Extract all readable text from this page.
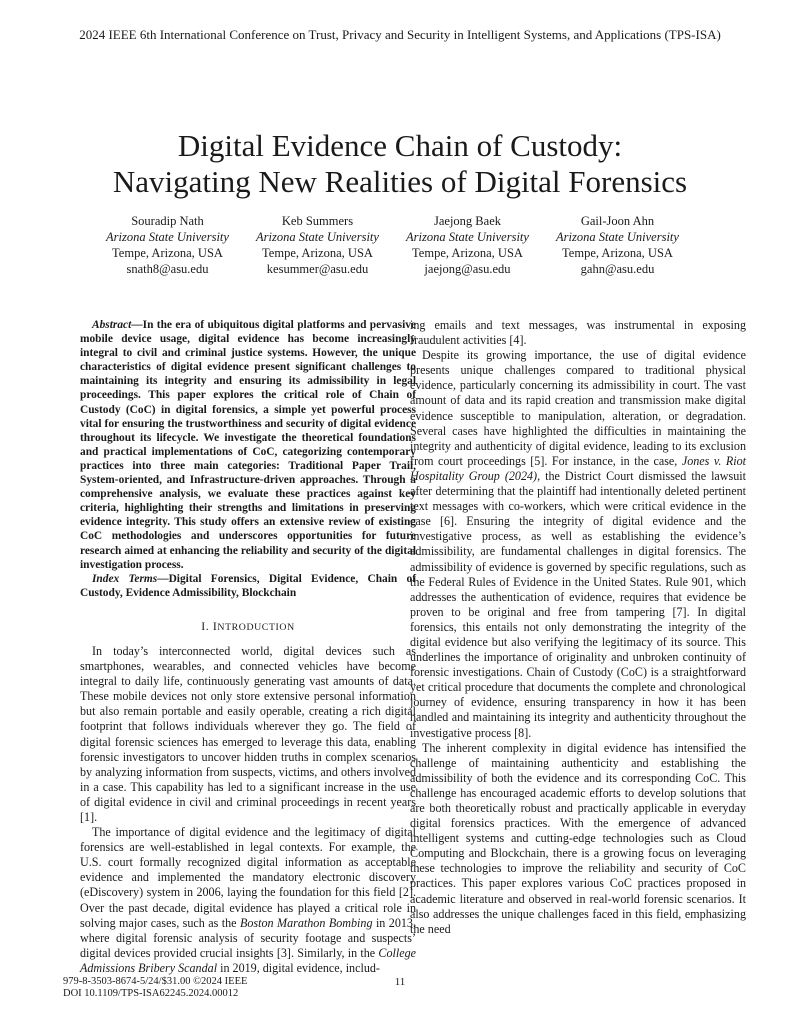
2024 IEEE 6th International Conference on Trust, Privacy and Security in Intelligent Systems, and Applications (TPS-ISA)
Digital Evidence Chain of Custody:
Navigating New Realities of Digital Forensics
Souradip Nath
Arizona State University
Tempe, Arizona, USA
snath8@asu.edu
Keb Summers
Arizona State University
Tempe, Arizona, USA
kesummer@asu.edu
Jaejong Baek
Arizona State University
Tempe, Arizona, USA
jaejong@asu.edu
Gail-Joon Ahn
Arizona State University
Tempe, Arizona, USA
gahn@asu.edu

Abstract—In the era of ubiquitous digital platforms and pervasive mobile device usage, digital evidence has become increasingly integral to civil and criminal justice systems. However, the unique characteristics of digital evidence present significant challenges to maintaining its integrity and ensuring its admissibility in legal proceedings. This paper explores the critical role of Chain of Custody (CoC) in digital forensics, a simple yet powerful process vital for ensuring the trustworthiness and security of digital evidence throughout its lifecycle. We investigate the theoretical foundations and practical implementations of CoC, categorizing contemporary practices into three main categories: Traditional Paper Trail, System-oriented, and Infrastructure-driven approaches. Through a comprehensive analysis, we evaluate these practices against key criteria, highlighting their strengths and limitations in preserving evidence integrity. This study offers an extensive review of existing CoC methodologies and underscores opportunities for future research aimed at enhancing the reliability and security of the digital investigation process.

Index Terms—Digital Forensics, Digital Evidence, Chain of Custody, Evidence Admissibility, Blockchain

I. INTRODUCTION

In today’s interconnected world, digital devices such as smartphones, wearables, and connected vehicles have become integral to daily life, continuously generating vast amounts of data. These mobile devices not only store extensive personal information but also remain portable and easily operable, creating a rich digital footprint that follows individuals wherever they go. The field of digital forensic sciences has emerged to leverage this data, enabling forensic investigators to uncover hidden truths in complex scenarios by analyzing information from suspects, victims, and others involved in a case. This capability has led to a significant increase in the use of digital evidence in civil and criminal proceedings in recent years [1].

The importance of digital evidence and the legitimacy of digital forensics are well-established in legal contexts. For example, the U.S. court formally recognized digital information as acceptable evidence and implemented the mandatory electronic discovery (eDiscovery) system in 2006, laying the foundation for this field [2]. Over the past decade, digital evidence has played a critical role in solving major cases, such as the Boston Marathon Bombing in 2013, where digital forensic analysis of security footage and suspects’ digital devices provided crucial insights [3]. Similarly, in the College Admissions Bribery Scandal in 2019, digital evidence, includ-

ing emails and text messages, was instrumental in exposing fraudulent activities [4].

Despite its growing importance, the use of digital evidence presents unique challenges compared to traditional physical evidence, particularly concerning its admissibility in court. The vast amount of data and its rapid creation and transmission make digital evidence susceptible to manipulation, alteration, or degradation. Several cases have highlighted the difficulties in maintaining the integrity and authenticity of digital evidence, leading to its exclusion from court proceedings [5]. For instance, in the case, Jones v. Riot Hospitality Group (2024), the District Court dismissed the lawsuit after determining that the plaintiff had intentionally deleted pertinent text messages with co-workers, which were critical evidence in the case [6]. Ensuring the integrity of digital evidence and the investigative process, as well as establishing the evidence’s admissibility, are fundamental challenges in digital forensics. The admissibility of evidence is governed by specific regulations, such as the Federal Rules of Evidence in the United States. Rule 901, which addresses the authentication of evidence, requires that evidence be proven to be original and free from tampering [7]. In digital forensics, this entails not only demonstrating the integrity of the digital evidence but also verifying the legitimacy of its source. This underlines the importance of originality and unbroken continuity of forensic investigations. Chain of Custody (CoC) is a straightforward yet critical procedure that documents the complete and chronological journey of evidence, ensuring transparency in how it has been handled and maintaining its integrity and authenticity throughout the investigative process [8].

The inherent complexity in digital evidence has intensified the challenge of maintaining authenticity and establishing the admissibility of both the evidence and its corresponding CoC. This challenge has encouraged academic efforts to develop solutions that are both theoretically robust and practically applicable in everyday digital forensics practices. With the emergence of advanced intelligent systems and cutting-edge technologies such as Cloud Computing and Blockchain, there is a growing focus on leveraging these technologies to improve the reliability and security of CoC practices. This paper explores various CoC practices proposed in academic literature and observed in real-world forensic scenarios. It also addresses the unique challenges faced in this field, emphasizing the need

979-8-3503-8674-5/24/$31.00 ©2024 IEEE
DOI 10.1109/TPS-ISA62245.2024.00012
11
